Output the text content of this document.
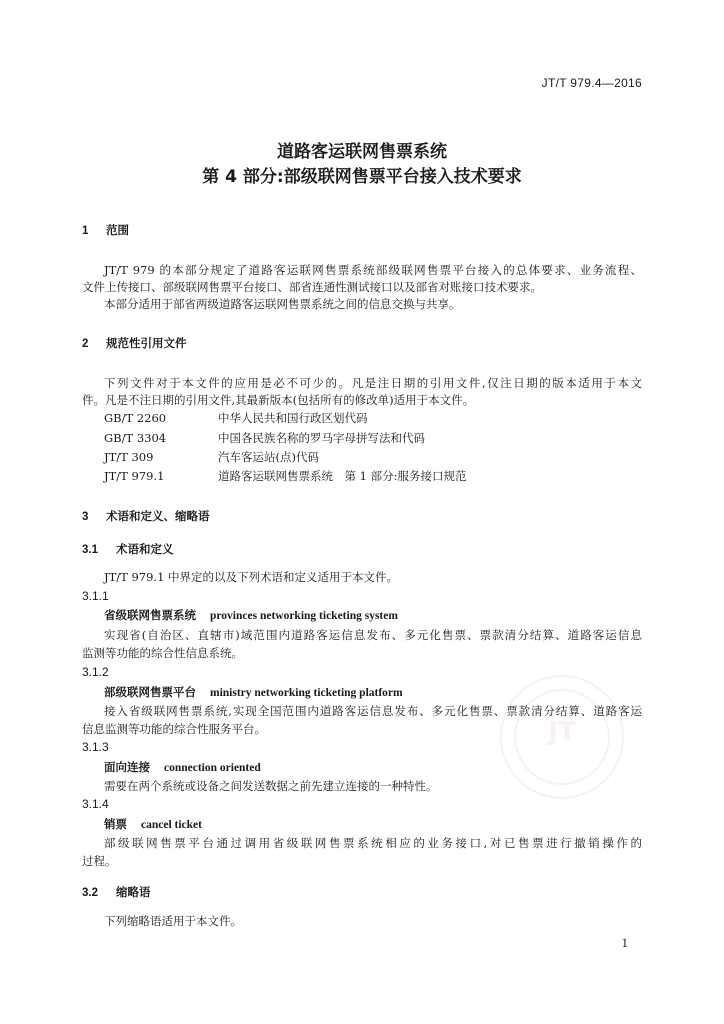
JT/T 979.4—2016
JT
道路客运联网售票系统
第 4 部分:部级联网售票平台接入技术要求
1 范围
JT/T 979 的本部分规定了道路客运联网售票系统部级联网售票平台接入的总体要求、业务流程、
文件上传接口、部级联网售票平台接口、部省连通性测试接口以及部省对账接口技术要求。
本部分适用于部省两级道路客运联网售票系统之间的信息交换与共享。
2 规范性引用文件
下列文件对于本文件的应用是必不可少的。凡是注日期的引用文件,仅注日期的版本适用于本文
件。凡是不注日期的引用文件,其最新版本(包括所有的修改单)适用于本文件。
GB/T 2260	中华人民共和国行政区划代码
GB/T 3304	中国各民族名称的罗马字母拼写法和代码
JT/T 309	汽车客运站(点)代码
JT/T 979.1	道路客运联网售票系统　第 1 部分:服务接口规范
3 术语和定义、缩略语
3.1 术语和定义
JT/T 979.1 中界定的以及下列术语和定义适用于本文件。
3.1.1
省级联网售票系统 provinces networking ticketing system
实现省(自治区、直辖市)域范围内道路客运信息发布、多元化售票、票款清分结算、道路客运信息
监测等功能的综合性信息系统。
3.1.2
部级联网售票平台 ministry networking ticketing platform
接入省级联网售票系统,实现全国范围内道路客运信息发布、多元化售票、票款清分结算、道路客运
信息监测等功能的综合性服务平台。
3.1.3
面向连接 connection oriented
需要在两个系统或设备之间发送数据之前先建立连接的一种特性。
3.1.4
销票 cancel ticket
部级联网售票平台通过调用省级联网售票系统相应的业务接口,对已售票进行撤销操作的
过程。
3.2 缩略语
下列缩略语适用于本文件。
1
